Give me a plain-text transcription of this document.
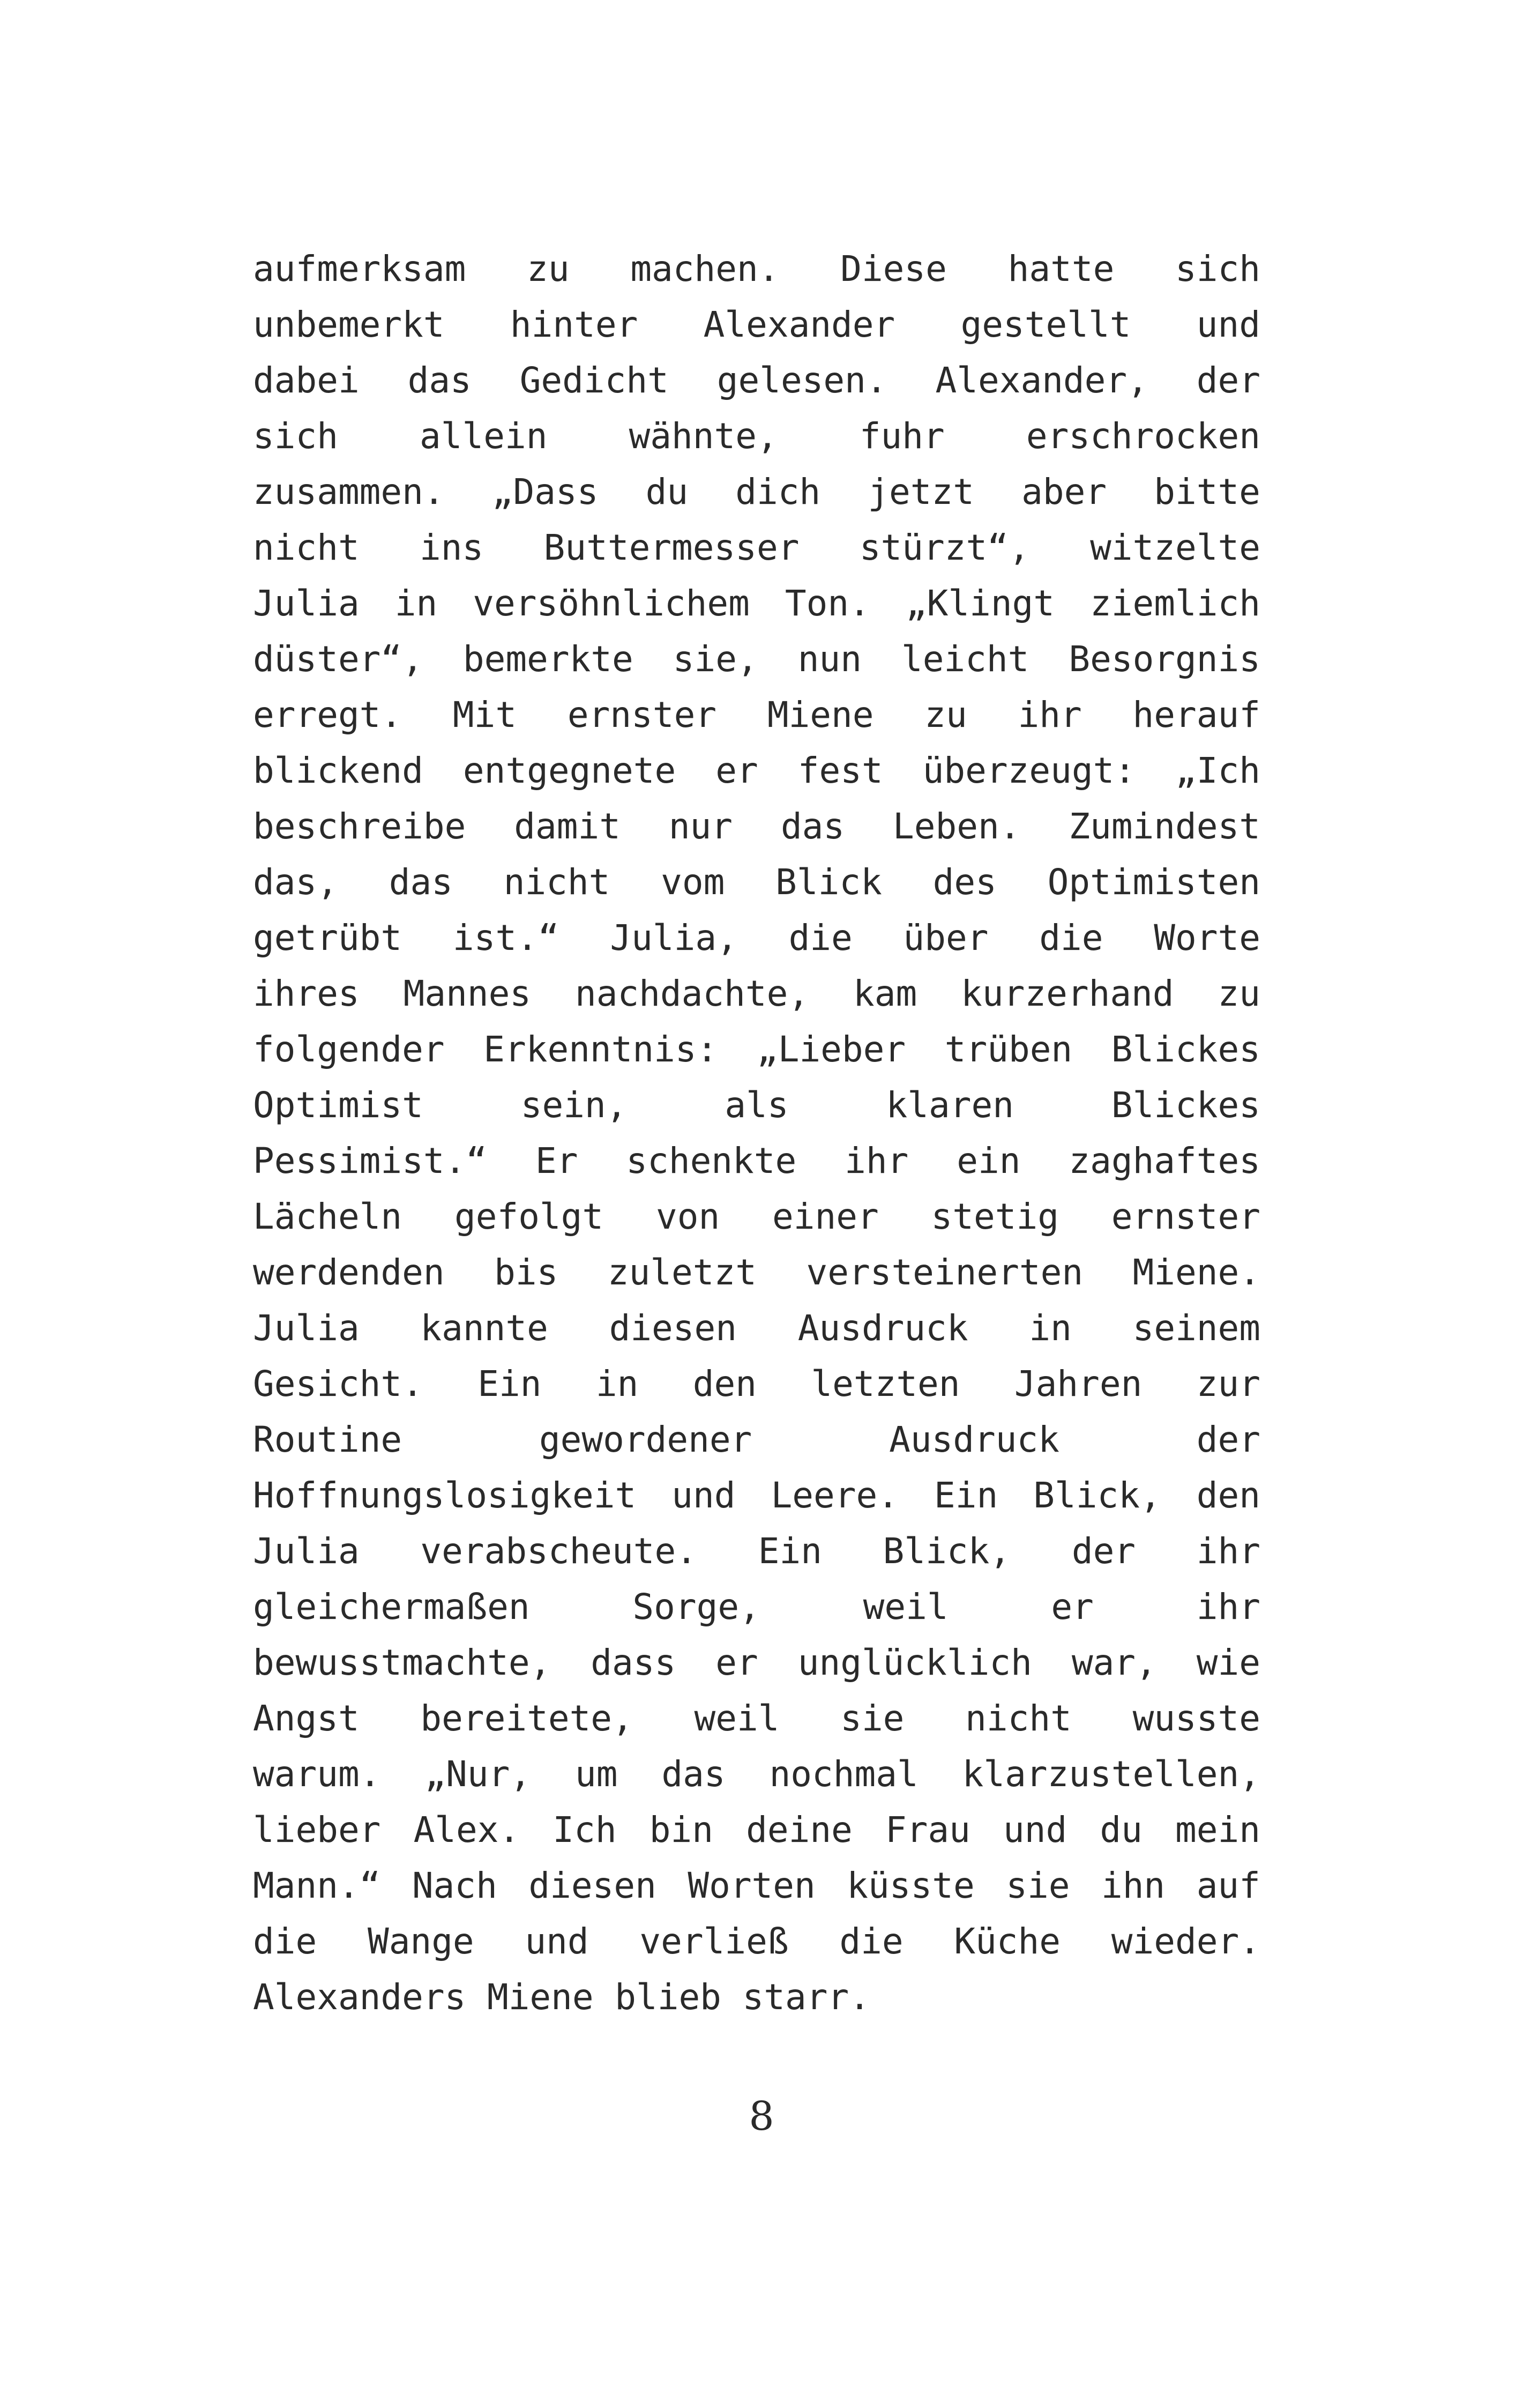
aufmerksam zu machen. Diese hatte sich
unbemerkt hinter Alexander gestellt und
dabei das Gedicht gelesen. Alexander, der
sich allein wähnte, fuhr erschrocken
zusammen. „Dass du dich jetzt aber bitte
nicht ins Buttermesser stürzt“, witzelte
Julia in versöhnlichem Ton. „Klingt ziemlich
düster“, bemerkte sie, nun leicht Besorgnis
erregt. Mit ernster Miene zu ihr herauf
blickend entgegnete er fest überzeugt: „Ich
beschreibe damit nur das Leben. Zumindest
das, das nicht vom Blick des Optimisten
getrübt ist.“ Julia, die über die Worte
ihres Mannes nachdachte, kam kurzerhand zu
folgender Erkenntnis: „Lieber trüben Blickes
Optimist	sein,	als	klaren	Blickes
Pessimist.“ Er schenkte ihr ein zaghaftes
Lächeln gefolgt von einer stetig ernster
werdenden bis zuletzt versteinerten Miene.
Julia kannte diesen Ausdruck in seinem
Gesicht. Ein in den letzten Jahren zur
Routine	gewordener	Ausdruck	der
Hoffnungslosigkeit und Leere. Ein Blick, den
Julia verabscheute. Ein Blick, der ihr
gleichermaßen	Sorge,	weil	er	ihr
bewusstmachte, dass er unglücklich war, wie
Angst bereitete, weil sie nicht wusste
warum. „Nur, um das nochmal klarzustellen,
lieber Alex. Ich bin deine Frau und du mein
Mann.“ Nach diesen Worten küsste sie ihn auf
die Wange und verließ die Küche wieder.
Alexanders Miene blieb starr.
8
